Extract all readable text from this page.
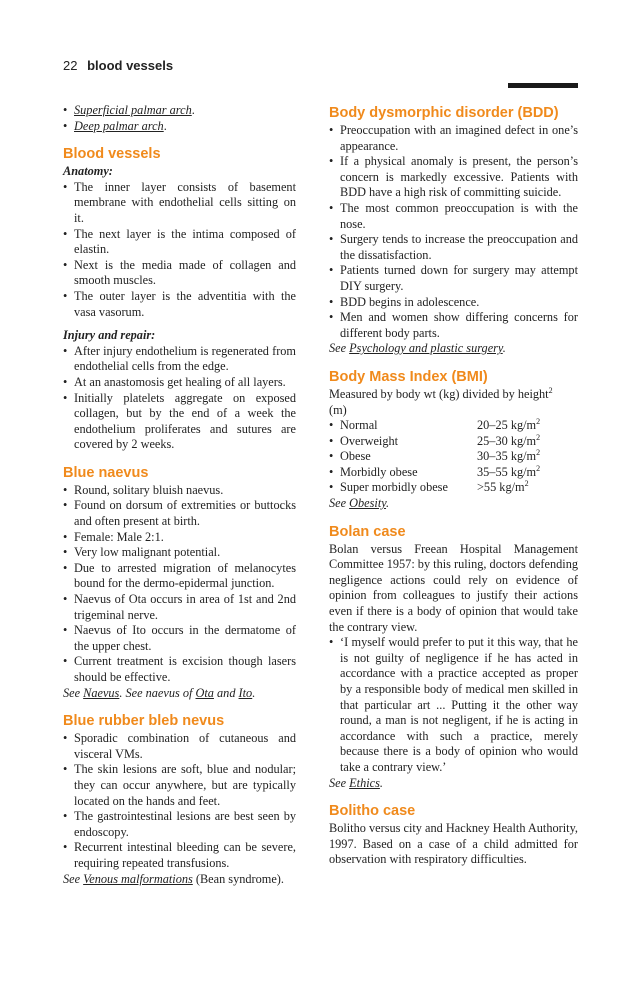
22 blood vessels
• Superficial palmar arch.
• Deep palmar arch.
Blood vessels
Anatomy:
• The inner layer consists of basement membrane with endothelial cells sitting on it.
• The next layer is the intima composed of elastin.
• Next is the media made of collagen and smooth muscles.
• The outer layer is the adventitia with the vasa vasorum.
Injury and repair:
• After injury endothelium is regenerated from endothelial cells from the edge.
• At an anastomosis get healing of all layers.
• Initially platelets aggregate on exposed collagen, but by the end of a week the endothelium proliferates and sutures are covered by 2 weeks.
Blue naevus
• Round, solitary bluish naevus.
• Found on dorsum of extremities or buttocks and often present at birth.
• Female: Male 2:1.
• Very low malignant potential.
• Due to arrested migration of melanocytes bound for the dermo-epidermal junction.
• Naevus of Ota occurs in area of 1st and 2nd trigeminal nerve.
• Naevus of Ito occurs in the dermatome of the upper chest.
• Current treatment is excision though lasers should be effective.

See Naevus. See naevus of Ota and Ito.

Blue rubber bleb nevus
• Sporadic combination of cutaneous and visceral VMs.
• The skin lesions are soft, blue and nodular; they can occur anywhere, but are typically located on the hands and feet.
• The gastrointestinal lesions are best seen by endoscopy.
• Recurrent intestinal bleeding can be severe, requiring repeated transfusions.

See Venous malformations (Bean syndrome).

Body dysmorphic disorder (BDD)
• Preoccupation with an imagined defect in one’s appearance.
• If a physical anomaly is present, the person’s concern is markedly excessive. Patients with BDD have a high risk of committing suicide.
• The most common preoccupation is with the nose.
• Surgery tends to increase the preoccupation and the dissatisfaction.
• Patients turned down for surgery may attempt DIY surgery.
• BDD begins in adolescence.
• Men and women show differing concerns for different body parts.

See Psychology and plastic surgery.

Body Mass Index (BMI)

Measured by body wt (kg) divided by height$^2$
(m)

• Normal	20–25 $kg/m^2$
• Overweight	25–30 $kg/m^2$
• Obese	30–35 $kg/m^2$
• Morbidly obese	35–55 $kg/m^2$
• Super morbidly obese >55 $kg/m^2$

See Obesity.

Bolan case

Bolan versus Freean Hospital Management Committee 1957: by this ruling, doctors defending negligence actions could rely on evidence of opinion from colleagues to justify their actions even if there is a body of opinion that would take the contrary view.

• ‘I myself would prefer to put it this way, that he is not guilty of negligence if he has acted in accordance with a practice accepted as proper by a responsible body of medical men skilled in that particular art ... Putting it the other way round, a man is not negligent, if he is acting in accordance with such a practice, merely because there is a body of opinion who would take a contrary view.’

See Ethics.

Bolitho case

Bolitho versus city and Hackney Health Authority, 1997. Based on a case of a child admitted for observation with respiratory difficulties.
